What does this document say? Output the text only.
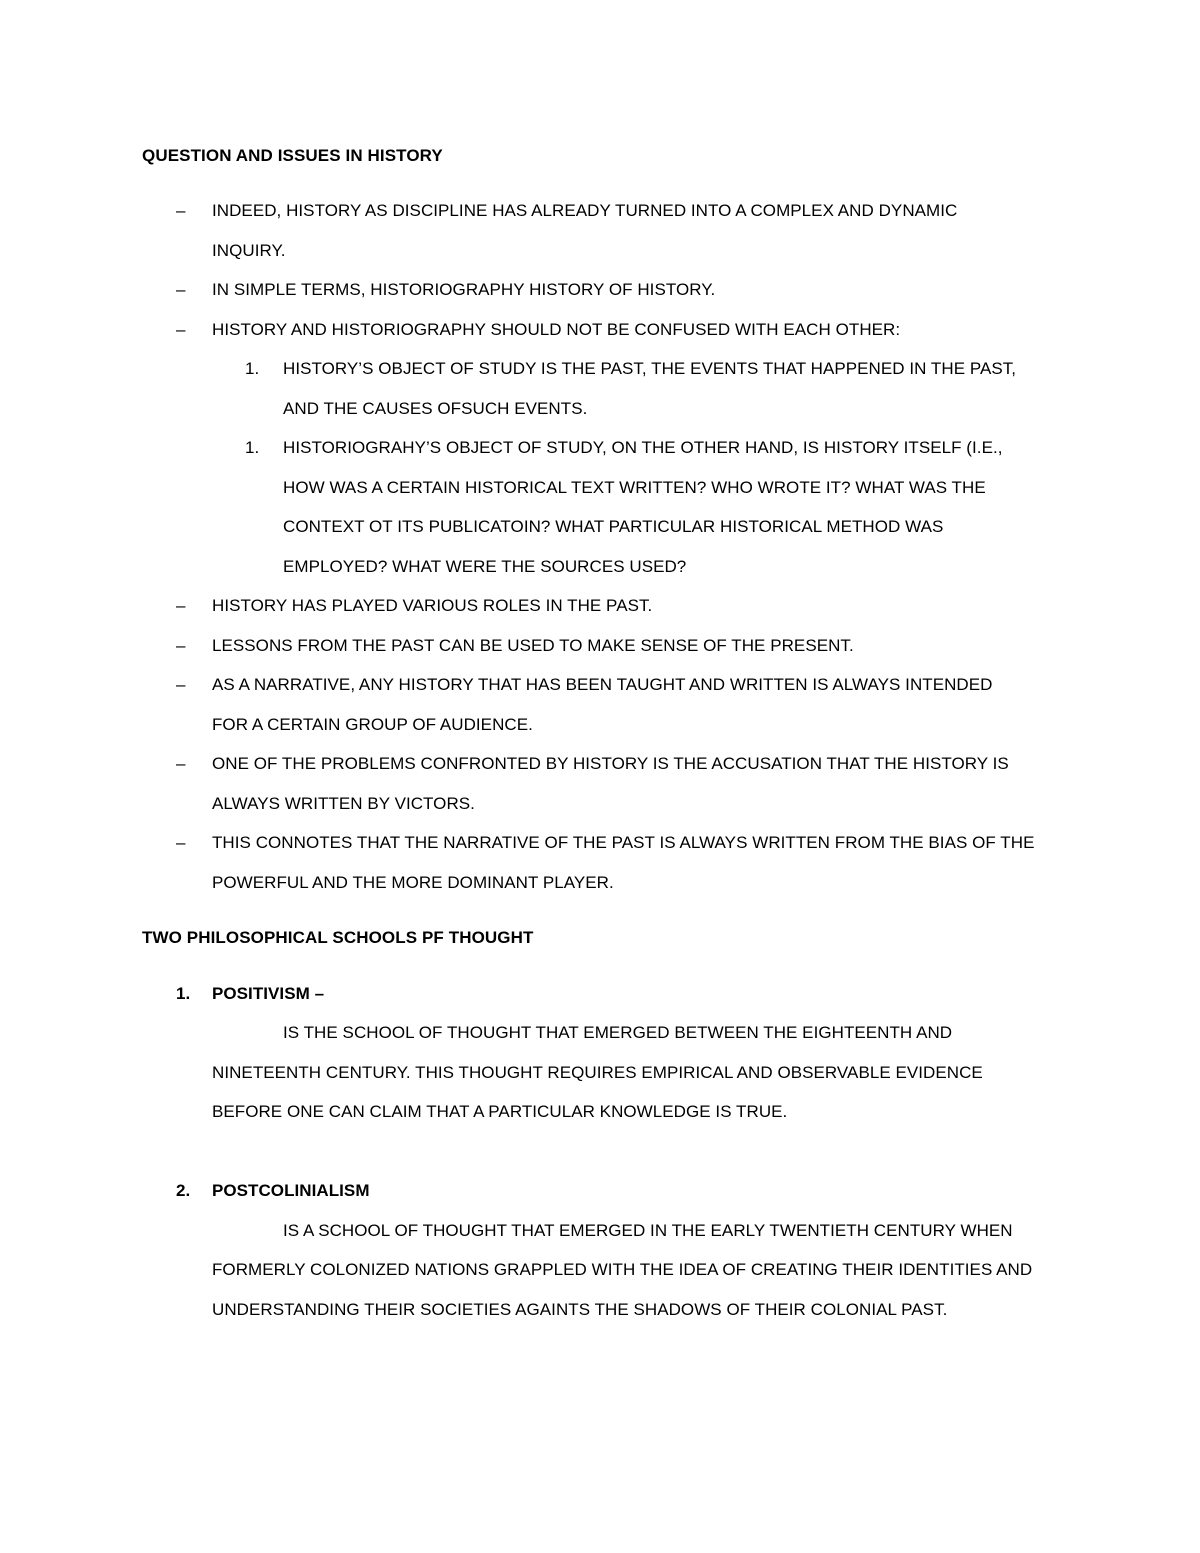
QUESTION AND ISSUES IN HISTORY
– INDEED, HISTORY AS DISCIPLINE HAS ALREADY TURNED INTO A COMPLEX AND DYNAMIC
INQUIRY.
– IN SIMPLE TERMS, HISTORIOGRAPHY HISTORY OF HISTORY.
– HISTORY AND HISTORIOGRAPHY SHOULD NOT BE CONFUSED WITH EACH OTHER:
1. HISTORY’S OBJECT OF STUDY IS THE PAST, THE EVENTS THAT HAPPENED IN THE PAST,
AND THE CAUSES OFSUCH EVENTS.
1. HISTORIOGRAHY’S OBJECT OF STUDY, ON THE OTHER HAND, IS HISTORY ITSELF (I.E.,
HOW WAS A CERTAIN HISTORICAL TEXT WRITTEN? WHO WROTE IT? WHAT WAS THE
CONTEXT OT ITS PUBLICATOIN? WHAT PARTICULAR HISTORICAL METHOD WAS
EMPLOYED? WHAT WERE THE SOURCES USED?
– HISTORY HAS PLAYED VARIOUS ROLES IN THE PAST.
– LESSONS FROM THE PAST CAN BE USED TO MAKE SENSE OF THE PRESENT.
– AS A NARRATIVE, ANY HISTORY THAT HAS BEEN TAUGHT AND WRITTEN IS ALWAYS INTENDED
FOR A CERTAIN GROUP OF AUDIENCE.
– ONE OF THE PROBLEMS CONFRONTED BY HISTORY IS THE ACCUSATION THAT THE HISTORY IS
ALWAYS WRITTEN BY VICTORS.
– THIS CONNOTES THAT THE NARRATIVE OF THE PAST IS ALWAYS WRITTEN FROM THE BIAS OF THE
POWERFUL AND THE MORE DOMINANT PLAYER.
TWO PHILOSOPHICAL SCHOOLS PF THOUGHT
1. POSITIVISM –
IS THE SCHOOL OF THOUGHT THAT EMERGED BETWEEN THE EIGHTEENTH AND
NINETEENTH CENTURY. THIS THOUGHT REQUIRES EMPIRICAL AND OBSERVABLE EVIDENCE
BEFORE ONE CAN CLAIM THAT A PARTICULAR KNOWLEDGE IS TRUE.
2. POSTCOLINIALISM
IS A SCHOOL OF THOUGHT THAT EMERGED IN THE EARLY TWENTIETH CENTURY WHEN
FORMERLY COLONIZED NATIONS GRAPPLED WITH THE IDEA OF CREATING THEIR IDENTITIES AND
UNDERSTANDING THEIR SOCIETIES AGAINTS THE SHADOWS OF THEIR COLONIAL PAST.
